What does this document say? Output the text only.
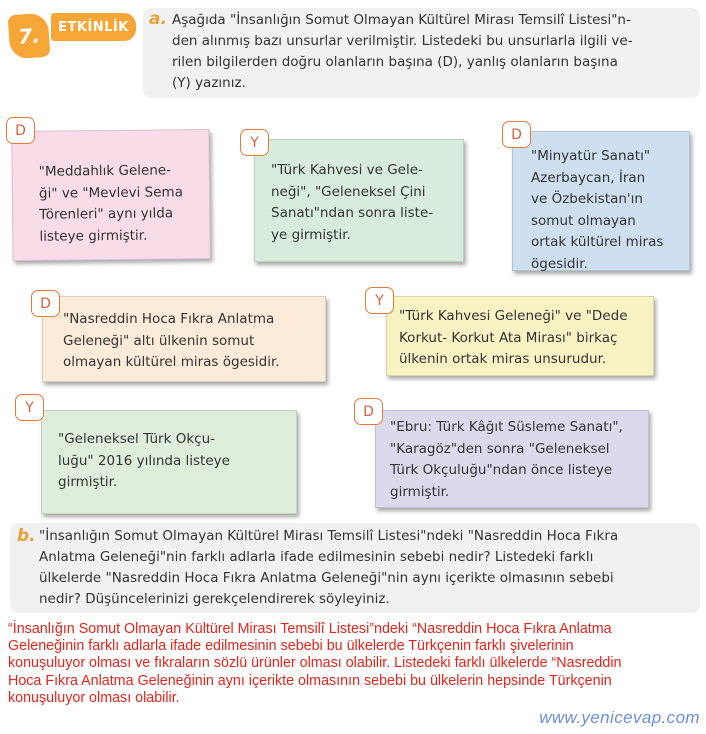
7.	ETKİNLİK	a. Aşağıda "İnsanlığın Somut Olmayan Kültürel Mirası Temsilî Listesi"n-
den alınmış bazı unsurlar verilmiştir. Listedeki bu unsurlarla ilgili ve-
rilen bilgilerden doğru olanların başına (D), yanlış olanların başına
(Y) yazınız.
"Meddahlık Gelene-
ği" ve "Mevlevi Sema
Törenleri" aynı yılda
listeye girmiştir.
D
"Türk Kahvesi ve Gele-
neği", "Geleneksel Çini
Sanatı"ndan sonra liste-
ye girmiştir.
Y
"Minyatür Sanatı"
Azerbaycan, İran
ve Özbekistan'ın
somut olmayan
ortak kültürel miras
ögesidir.
D
"Nasreddin Hoca Fıkra Anlatma
Geleneği" altı ülkenin somut
olmayan kültürel miras ögesidir.
D
"Türk Kahvesi Geleneği" ve "Dede
Korkut- Korkut Ata Mirası" birkaç
ülkenin ortak miras unsurudur.
Y
"Geleneksel Türk Okçu-
luğu" 2016 yılında listeye
girmiştir.
Y
"Ebru: Türk Kâğıt Süsleme Sanatı",
"Karagöz"den sonra "Geleneksel
Türk Okçuluğu"ndan önce listeye
girmiştir.
D
b. "İnsanlığın Somut Olmayan Kültürel Mirası Temsilî Listesi"ndeki "Nasreddin Hoca Fıkra
Anlatma Geleneği"nin farklı adlarla ifade edilmesinin sebebi nedir? Listedeki farklı
ülkelerde "Nasreddin Hoca Fıkra Anlatma Geleneği"nin aynı içerikte olmasının sebebi
nedir? Düşüncelerinizi gerekçelendirerek söyleyiniz.
“İnsanlığın Somut Olmayan Kültürel Mirası Temsilî Listesi”ndeki “Nasreddin Hoca Fıkra Anlatma
Geleneğinin farklı adlarla ifade edilmesinin sebebi bu ülkelerde Türkçenin farklı şivelerinin
konuşuluyor olması ve fıkraların sözlü ürünler olması olabilir. Listedeki farklı ülkelerde “Nasreddin
Hoca Fıkra Anlatma Geleneğinin aynı içerikte olmasının sebebi bu ülkelerin hepsinde Türkçenin
konuşuluyor olması olabilir.
www.yenicevap.com
